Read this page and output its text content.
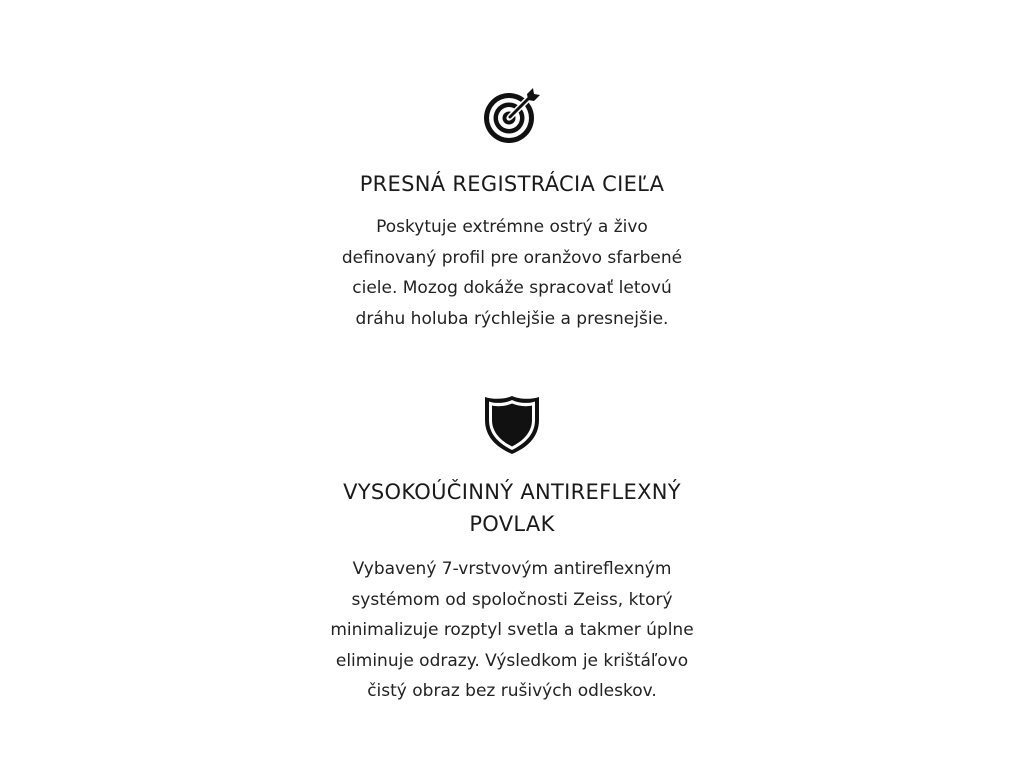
PRESNÁ REGISTRÁCIA CIEĽA

Poskytuje extrémne ostrý a živo
definovaný profil pre oranžovo sfarbené
ciele. Mozog dokáže spracovať letovú
dráhu holuba rýchlejšie a presnejšie.

VYSOKOÚČINNÝ ANTIREFLEXNÝ
POVLAK

Vybavený 7-vrstvovým antireflexným
systémom od spoločnosti Zeiss, ktorý
minimalizuje rozptyl svetla a takmer úplne
eliminuje odrazy. Výsledkom je krištáľovo
čistý obraz bez rušivých odleskov.
